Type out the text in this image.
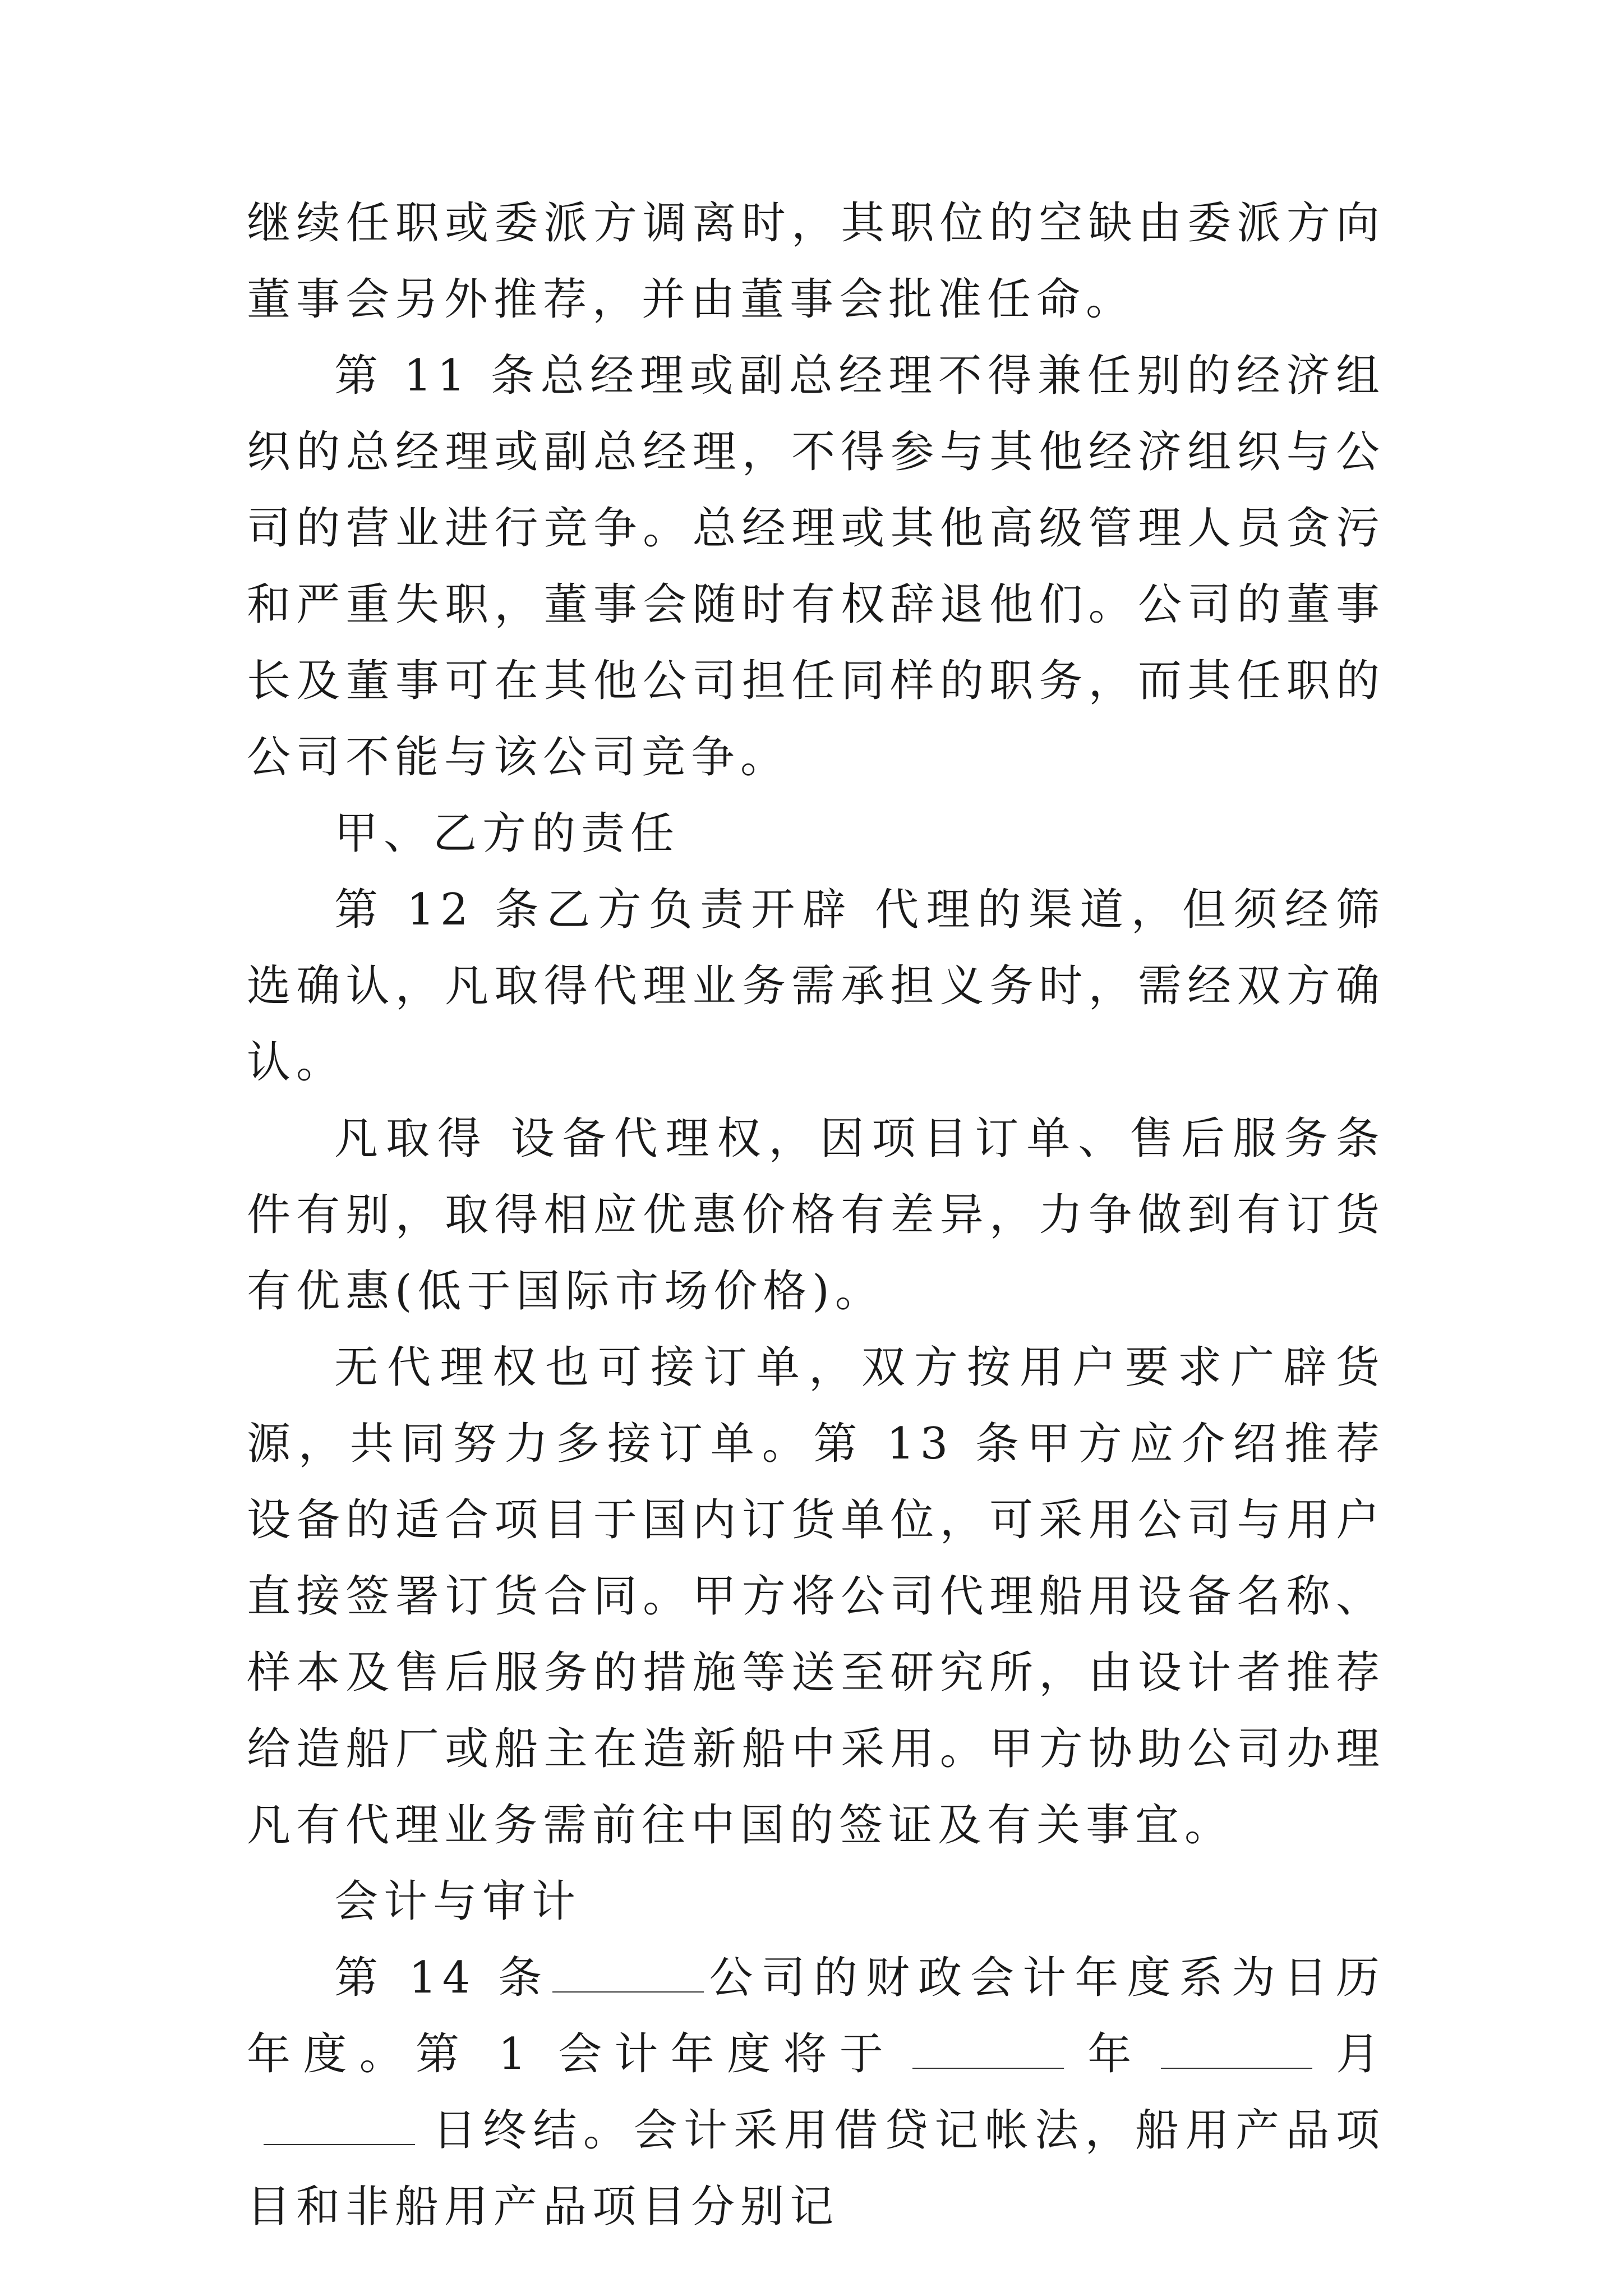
继续任职或委派方调离时，其职位的空缺由委派方向董事会另外推荐，并由董事会批准任命。

第 11 条总经理或副总经理不得兼任别的经济组织的总经理或副总经理，不得参与其他经济组织与公司的营业进行竞争。总经理或其他高级管理人员贪污和严重失职，董事会随时有权辞退他们。公司的董事长及董事可在其他公司担任同样的职务，而其任职的公司不能与该公司竞争。

甲、乙方的责任

第 12 条乙方负责开辟 代理的渠道，但须经筛选确认，凡取得代理业务需承担义务时，需经双方确认。

凡取得 设备代理权，因项目订单、售后服务条件有别，取得相应优惠价格有差异，力争做到有订货有优惠(低于国际市场价格)。

无代理权也可接订单，双方按用户要求广辟货源，共同努力多接订单。第 13 条甲方应介绍推荐 设备的适合项目于国内订货单位，可采用公司与用户直接签署订货合同。甲方将公司代理船用设备名称、样本及售后服务的措施等送至研究所，由设计者推荐给造船厂或船主在造新船中采用。甲方协助公司办理凡有代理业务需前往中国的签证及有关事宜。

会计与审计

第 14 条	公司的财政会计年度系为日历年度。第 1 会计年度将于	年	月日终结。会计采用借贷记帐法，船用产品项目和非船用产品项目分别记
